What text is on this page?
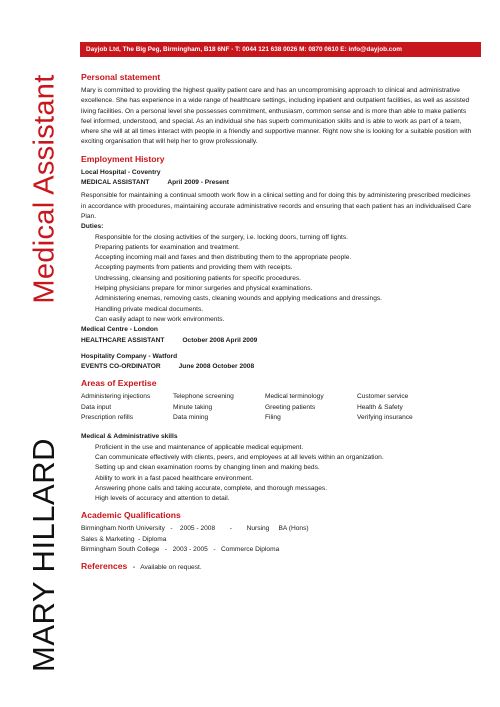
Medical Assistant
MARY HILLARD
Dayjob Ltd, The Big Peg, Birmingham, B18 6NF - T: 0044 121 638 0026 M: 0870 0610 E: info@dayjob.com
Personal statement

Mary is committed to providing the highest quality patient care and has an uncompromising approach to clinical and administrative excellence. She has experience in a wide range of healthcare settings, including inpatient and outpatient facilities, as well as assisted living facilities. On a personal level she possesses commitment, enthusiasm, common sense and is more than able to make patients feel informed, understood, and special. As an individual she has superb communication skills and is able to work as part of a team, where she will at all times interact with people in a friendly and supportive manner. Right now she is looking for a suitable position with exciting organisation that will help her to grow professionally.

Employment History
Local Hospital - Coventry
MEDICAL ASSISTANT	April 2009 - Present

Responsible for maintaining a continual smooth work flow in a clinical setting and for doing this by administering prescribed medicines in accordance with procedures, maintaining accurate administrative records and ensuring that each patient has an individualised Care Plan.

Duties:
Responsible for the closing activities of the surgery, i.e. locking doors, turning off lights.
Preparing patients for examination and treatment.
Accepting incoming mail and faxes and then distributing them to the appropriate people.
Accepting payments from patients and providing them with receipts.
Undressing, cleansing and positioning patients for specific procedures.
Helping physicians prepare for minor surgeries and physical examinations.
Administering enemas, removing casts, cleaning wounds and applying medications and dressings.
Handling private medical documents.
Can easily adapt to new work environments.
Medical Centre - London
HEALTHCARE ASSISTANT	October 2008 April 2009
Hospitality Company - Watford
EVENTS CO-ORDINATOR	June 2008 October 2008
Areas of Expertise
Administering injections	Telephone screening	Medical terminology	Customer service
Data input	Minute taking	Greeting patients	Health & Safety
Prescription refills	Data mining	Filing	Verifying insurance
Medical & Administrative skills
Proficient in the use and maintenance of applicable medical equipment.
Can communicate effectively with clients, peers, and employees at all levels within an organization.
Setting up and clean examination rooms by changing linen and making beds.
Ability to work in a fast paced healthcare environment.
Answering phone calls and taking accurate, complete, and thorough messages.
High levels of accuracy and attention to detail.
Academic Qualifications
Birmingham North University   -    2005 - 2008        -        Nursing     BA (Hons)
Sales & Marketing  - Diploma
Birmingham South College   -   2003 - 2005   -   Commerce Diploma
References - Available on request.
